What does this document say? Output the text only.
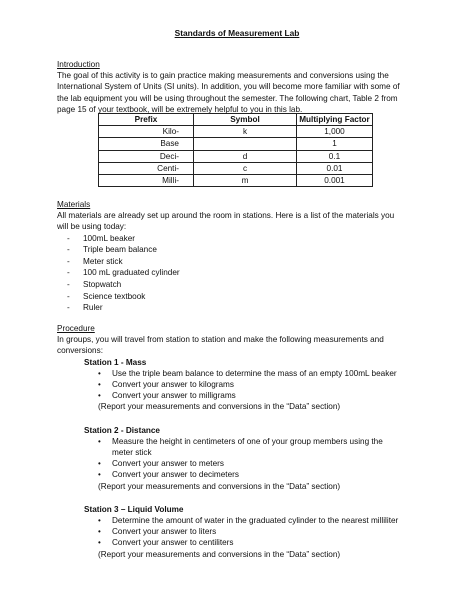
Standards of Measurement Lab
Introduction
The goal of this activity is to gain practice making measurements and conversions using the
International System of Units (SI units). In addition, you will become more familiar with some of
the lab equipment you will be using throughout the semester. The following chart, Table 2 from
page 15 of your textbook, will be extremely helpful to you in this lab.
Prefix	Symbol	Multiplying Factor
Kilo-	k	1,000
Base		1
Deci-	d	0.1
Centi-	c	0.01
Milli-	m	0.001
Materials
All materials are already set up around the room in stations. Here is a list of the materials you
will be using today:
- 100mL beaker
- Triple beam balance
- Meter stick
- 100 mL graduated cylinder
- Stopwatch
- Science textbook
- Ruler
Procedure
In groups, you will travel from station to station and make the following measurements and
conversions:
Station 1 - Mass
• Use the triple beam balance to determine the mass of an empty 100mL beaker
• Convert your answer to kilograms
• Convert your answer to milligrams
(Report your measurements and conversions in the “Data” section)
Station 2 - Distance
• Measure the height in centimeters of one of your group members using the
meter stick
• Convert your answer to meters
• Convert your answer to decimeters
(Report your measurements and conversions in the “Data” section)
Station 3 – Liquid Volume
• Determine the amount of water in the graduated cylinder to the nearest milliliter
• Convert your answer to liters
• Convert your answer to centiliters
(Report your measurements and conversions in the “Data” section)
